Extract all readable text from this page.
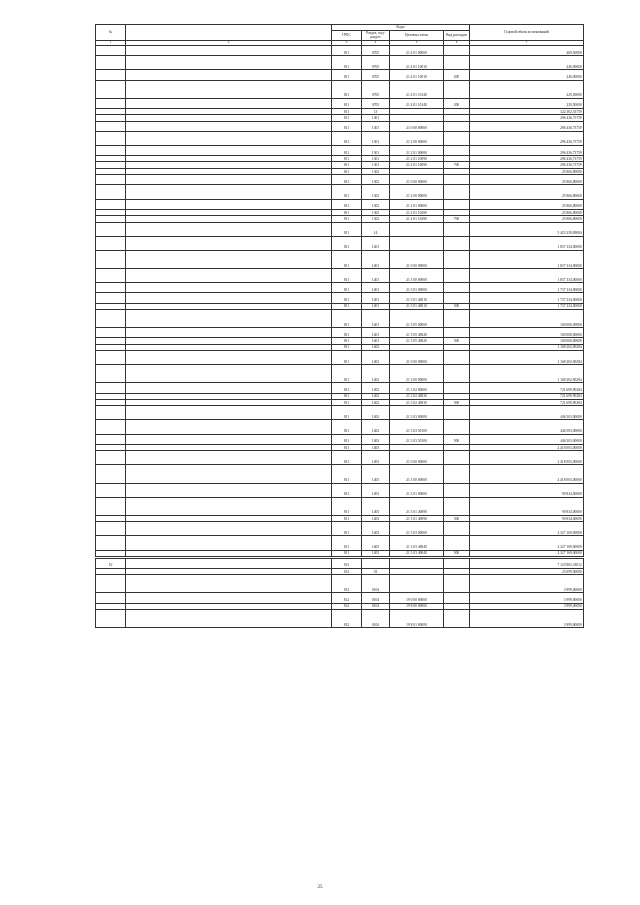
№		Коды				Годовой объем ассигнований
		ГРБС	Раздел, под- раздел	Целевая статья	Вид расходов	
1	2	3	4	5	6	7
		811	0705	21 4 01 00000		469,50000
		811	0705	21 4 01 10010		240,00000
		811	0705	21 4 01 10010	200	240,00000
		811	0705	21 4 01 10140		229,50000
		811	0705	21 4 01 10140	200	229,50000
		811	13			322 302,33759
		811	1301			296 436,73759
		811	1301	21 0 00 00000		296 436,73759
		811	1301	21 2 00 00000		296 436,73759
		811	1301	21 2 01 00000		296 436,73759
		811	1301	21 2 01 10090		296 436,73759
		811	1301	21 2 01 10090	700	296 436,73759
		811	1302			25 866,80000
		811	1302	21 0 00 00000		25 866,80000
		811	1302	21 2 00 00000		25 866,80000
		811	1302	21 2 01 00000		25 866,80000
		811	1302	21 2 01 10290		25 866,80000
		811	1302	21 2 01 10290	700	25 866,80000
		811	14			5 423 339,09084
		811	1401			1 837 334,00000
		811	1401	21 0 00 00000		1 837 334,00000
		811	1401	21 3 00 00000		1 837 334,00000
		811	1401	21 3 01 00000		1 737 334,00000
		811	1401	21 3 01 40010		1 737 334,00000
		811	1401	21 3 01 40010	500	1 737 334,00000
		811	1401	21 3 05 00000		100 000,00000
		811	1401	21 3 05 40020		100 000,00000
		811	1401	21 3 05 40020	500	100 000,00000
		811	1402			1 168 202,90284
		811	1402	21 0 00 00000		1 168 202,90284
		811	1402	21 3 00 00000		1 168 202,90284
		811	1402	21 3 02 00000		721 699,90284
		811	1402	21 3 02 40030		721 699,90284
		811	1402	21 3 02 40030	500	721 699,90284
		811	1402	21 3 03 00000		446 503,00000
		811	1402	21 3 03 50100		446 503,00000
		811	1402	21 3 03 50100	500	446 503,00000
		811	1403			2 418 003,00000
		811	1403	21 0 00 00000		2 418 003,00000
		811	1403	21 3 00 00000		2 418 003,00000
		811	1403	21 3 01 00000		90 834,00000
		811	1403	21 3 01 40090		90 834,00000
		811	1403	21 3 01 40090	500	90 834,00000
		811	1403	21 3 03 00000		2 327 169,00000
		811	1403	21 3 03 40040		2 327 169,00000
		811	1403	21 3 03 40040	500	2 327 169,00000

10		812				7 125 865,33012
		812	01			23 099,00000
		812	0104			3 999,00000
		812	0104	19 0 00 00000		3 999,00000
		812	0104	19 8 00 00000		3 999,00000
		812	0104	19 8 01 00000		3 999,00000
25
